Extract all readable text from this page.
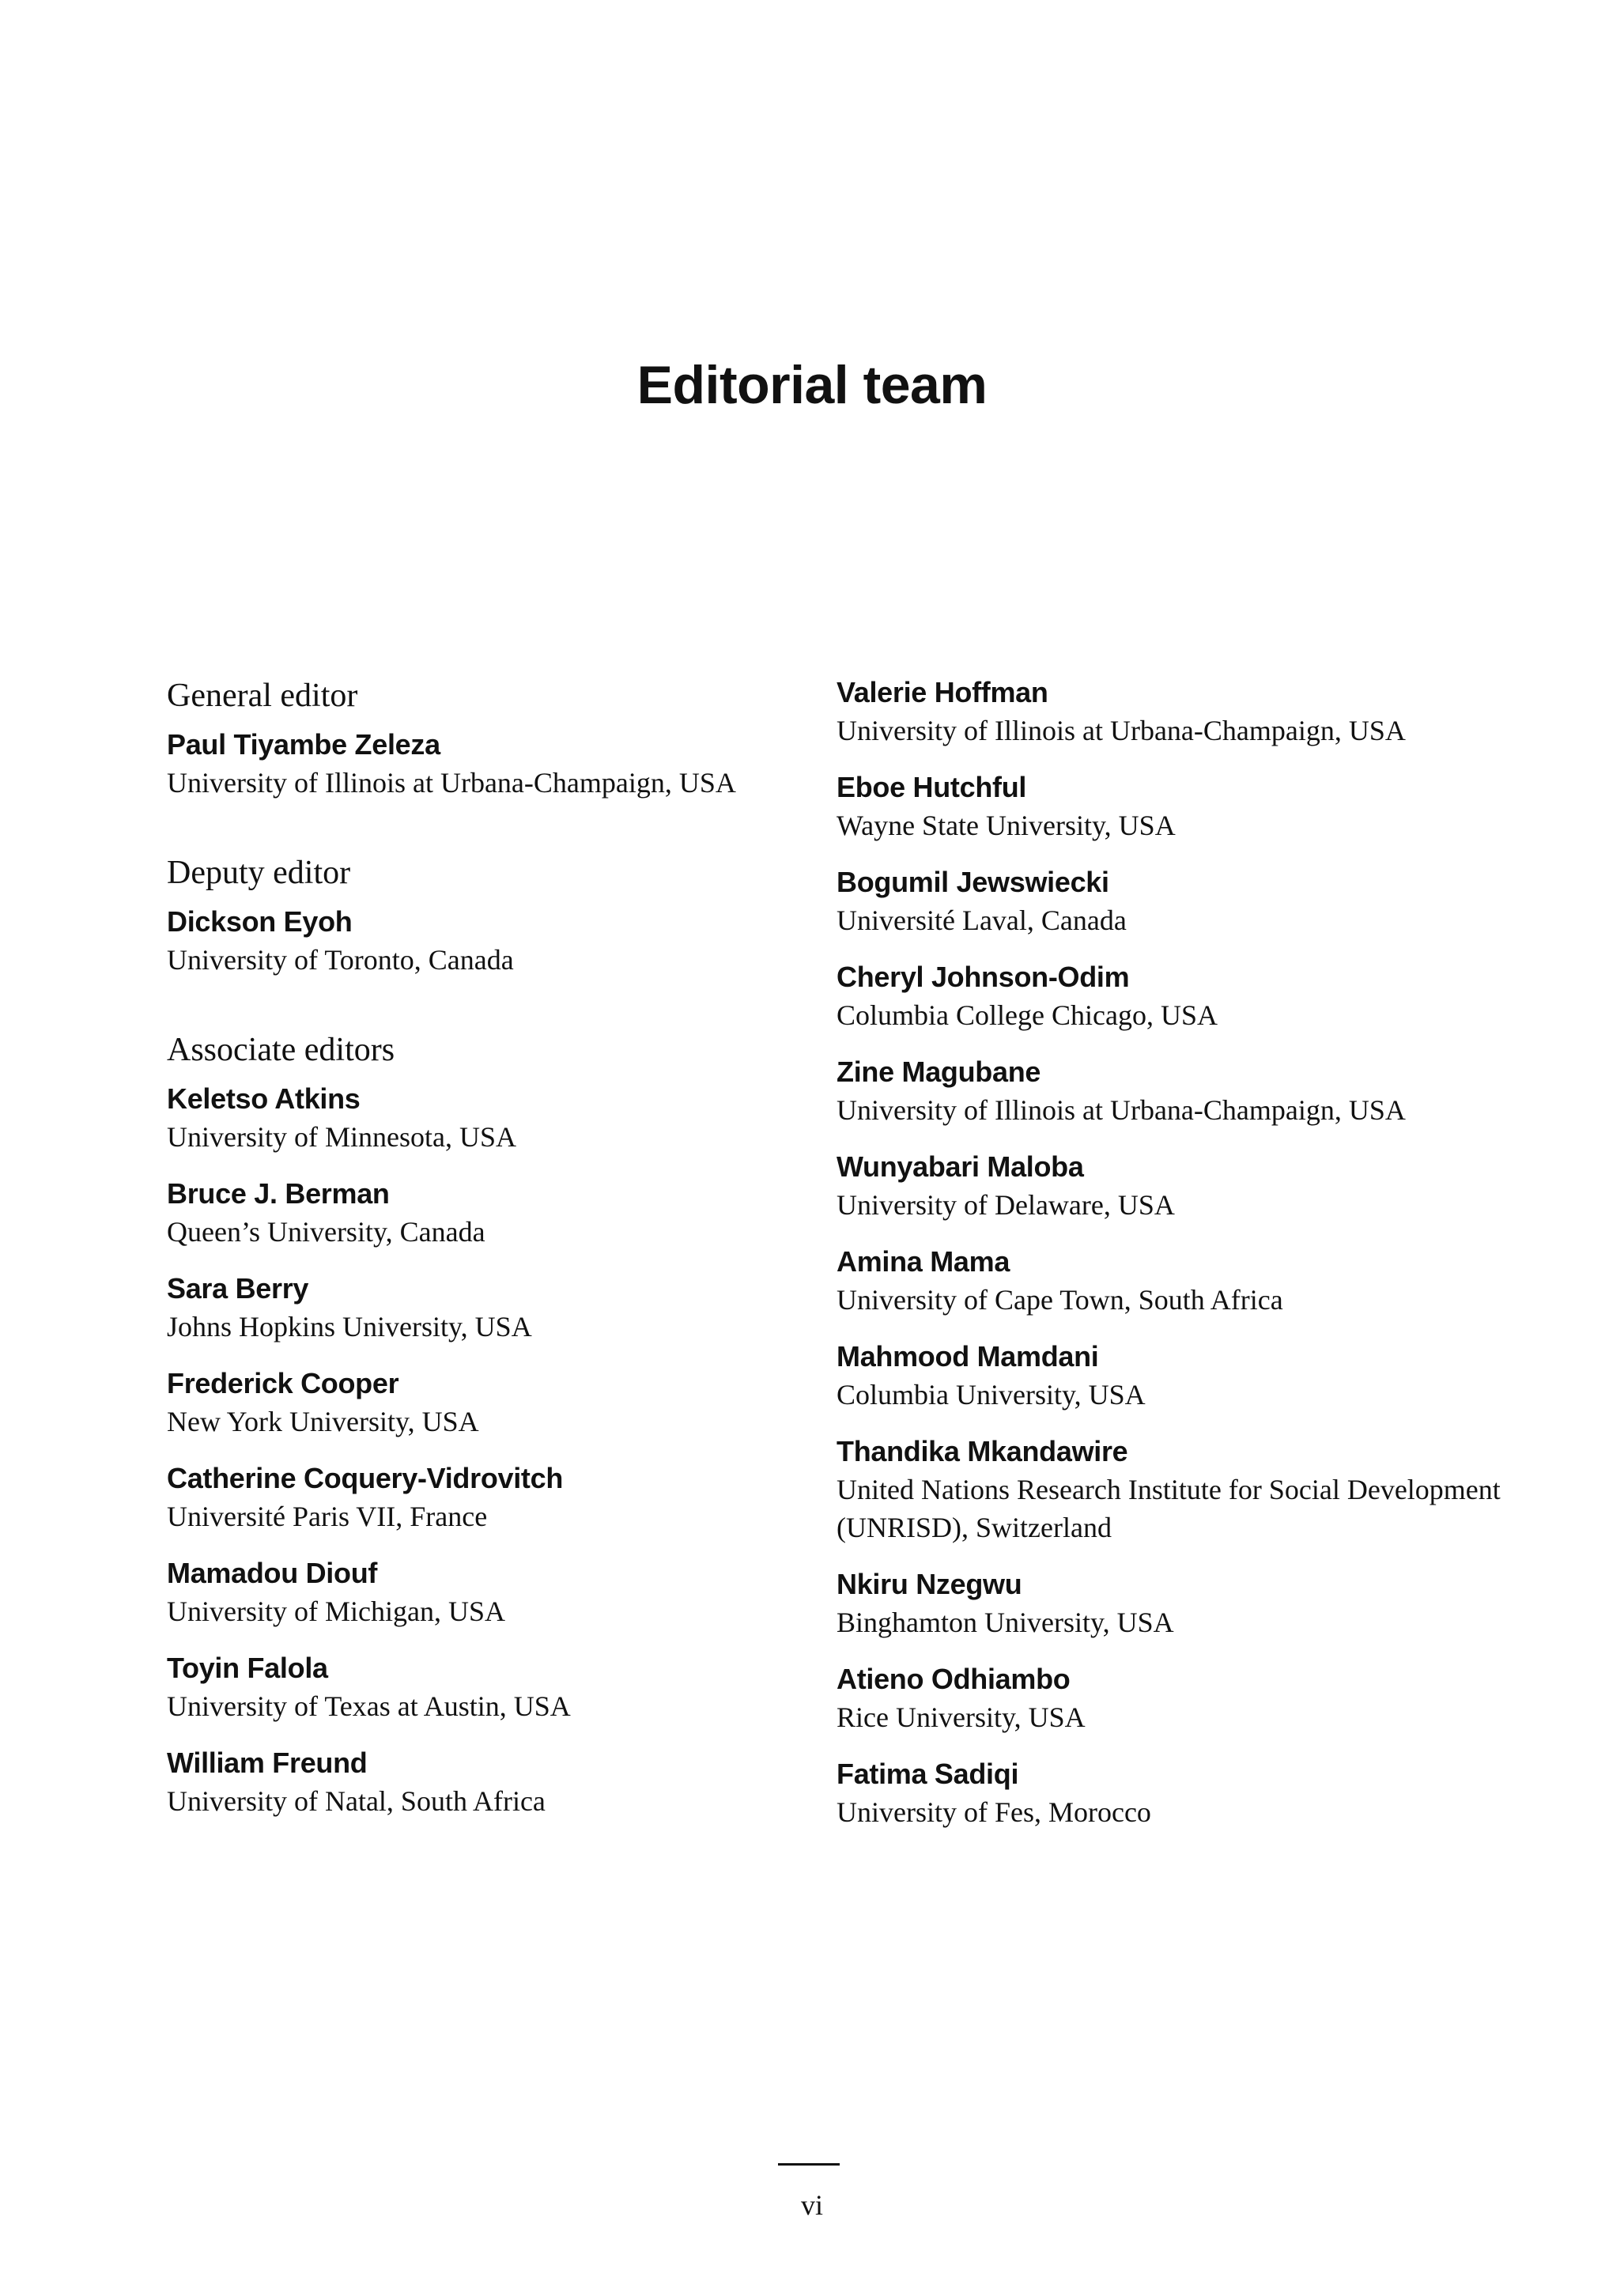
Editorial team
General editor
Paul Tiyambe Zeleza
University of Illinois at Urbana-Champaign, USA
Deputy editor
Dickson Eyoh
University of Toronto, Canada
Associate editors
Keletso Atkins
University of Minnesota, USA
Bruce J. Berman
Queen’s University, Canada
Sara Berry
Johns Hopkins University, USA
Frederick Cooper
New York University, USA
Catherine Coquery-Vidrovitch
Université Paris VII, France
Mamadou Diouf
University of Michigan, USA
Toyin Falola
University of Texas at Austin, USA
William Freund
University of Natal, South Africa
Valerie Hoffman
University of Illinois at Urbana-Champaign, USA
Eboe Hutchful
Wayne State University, USA
Bogumil Jewswiecki
Université Laval, Canada
Cheryl Johnson-Odim
Columbia College Chicago, USA
Zine Magubane
University of Illinois at Urbana-Champaign, USA
Wunyabari Maloba
University of Delaware, USA
Amina Mama
University of Cape Town, South Africa
Mahmood Mamdani
Columbia University, USA
Thandika Mkandawire
United Nations Research Institute for Social Development (UNRISD), Switzerland
Nkiru Nzegwu
Binghamton University, USA
Atieno Odhiambo
Rice University, USA
Fatima Sadiqi
University of Fes, Morocco
vi
